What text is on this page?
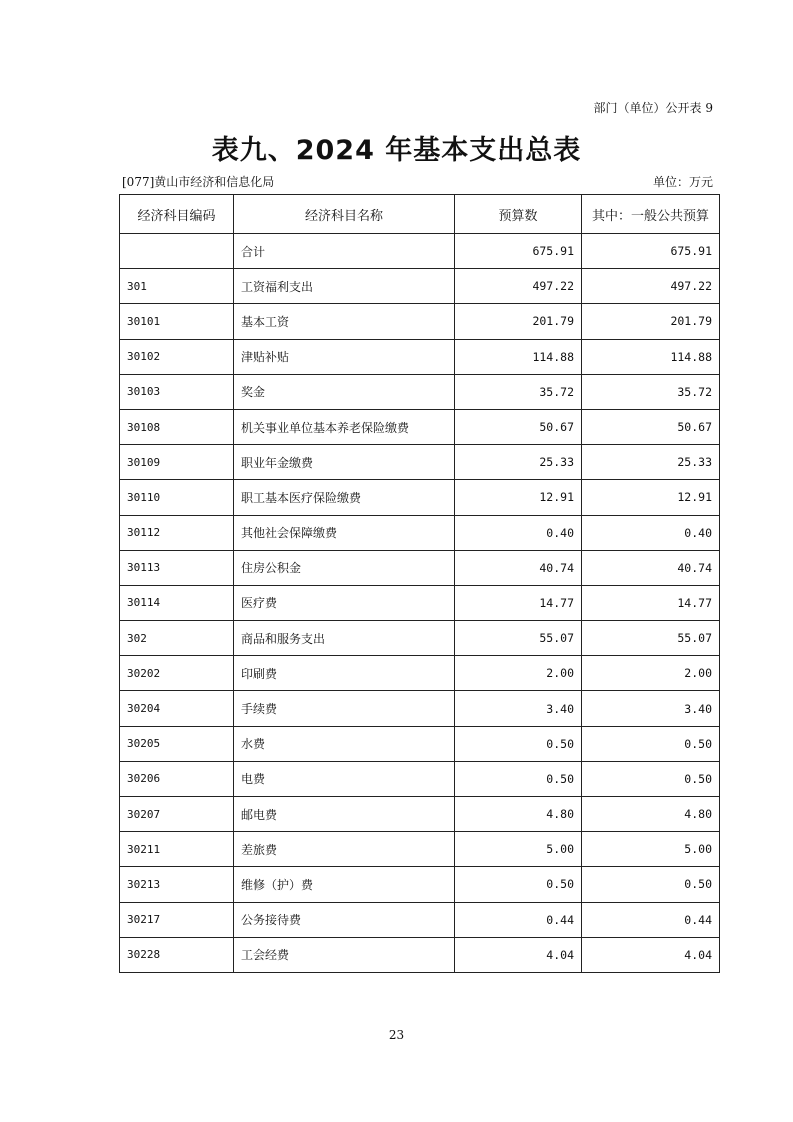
部门（单位）公开表 9
表九、2024 年基本支出总表
[077]黄山市经济和信息化局	单位：万元
经济科目编码	经济科目名称	预算数	其中：一般公共预算
	合计	675.91	675.91
301	工资福利支出	497.22	497.22
30101	基本工资	201.79	201.79
30102	津贴补贴	114.88	114.88
30103	奖金	35.72	35.72
30108	机关事业单位基本养老保险缴费	50.67	50.67
30109	职业年金缴费	25.33	25.33
30110	职工基本医疗保险缴费	12.91	12.91
30112	其他社会保障缴费	0.40	0.40
30113	住房公积金	40.74	40.74
30114	医疗费	14.77	14.77
302	商品和服务支出	55.07	55.07
30202	印刷费	2.00	2.00
30204	手续费	3.40	3.40
30205	水费	0.50	0.50
30206	电费	0.50	0.50
30207	邮电费	4.80	4.80
30211	差旅费	5.00	5.00
30213	维修（护）费	0.50	0.50
30217	公务接待费	0.44	0.44
30228	工会经费	4.04	4.04
23
